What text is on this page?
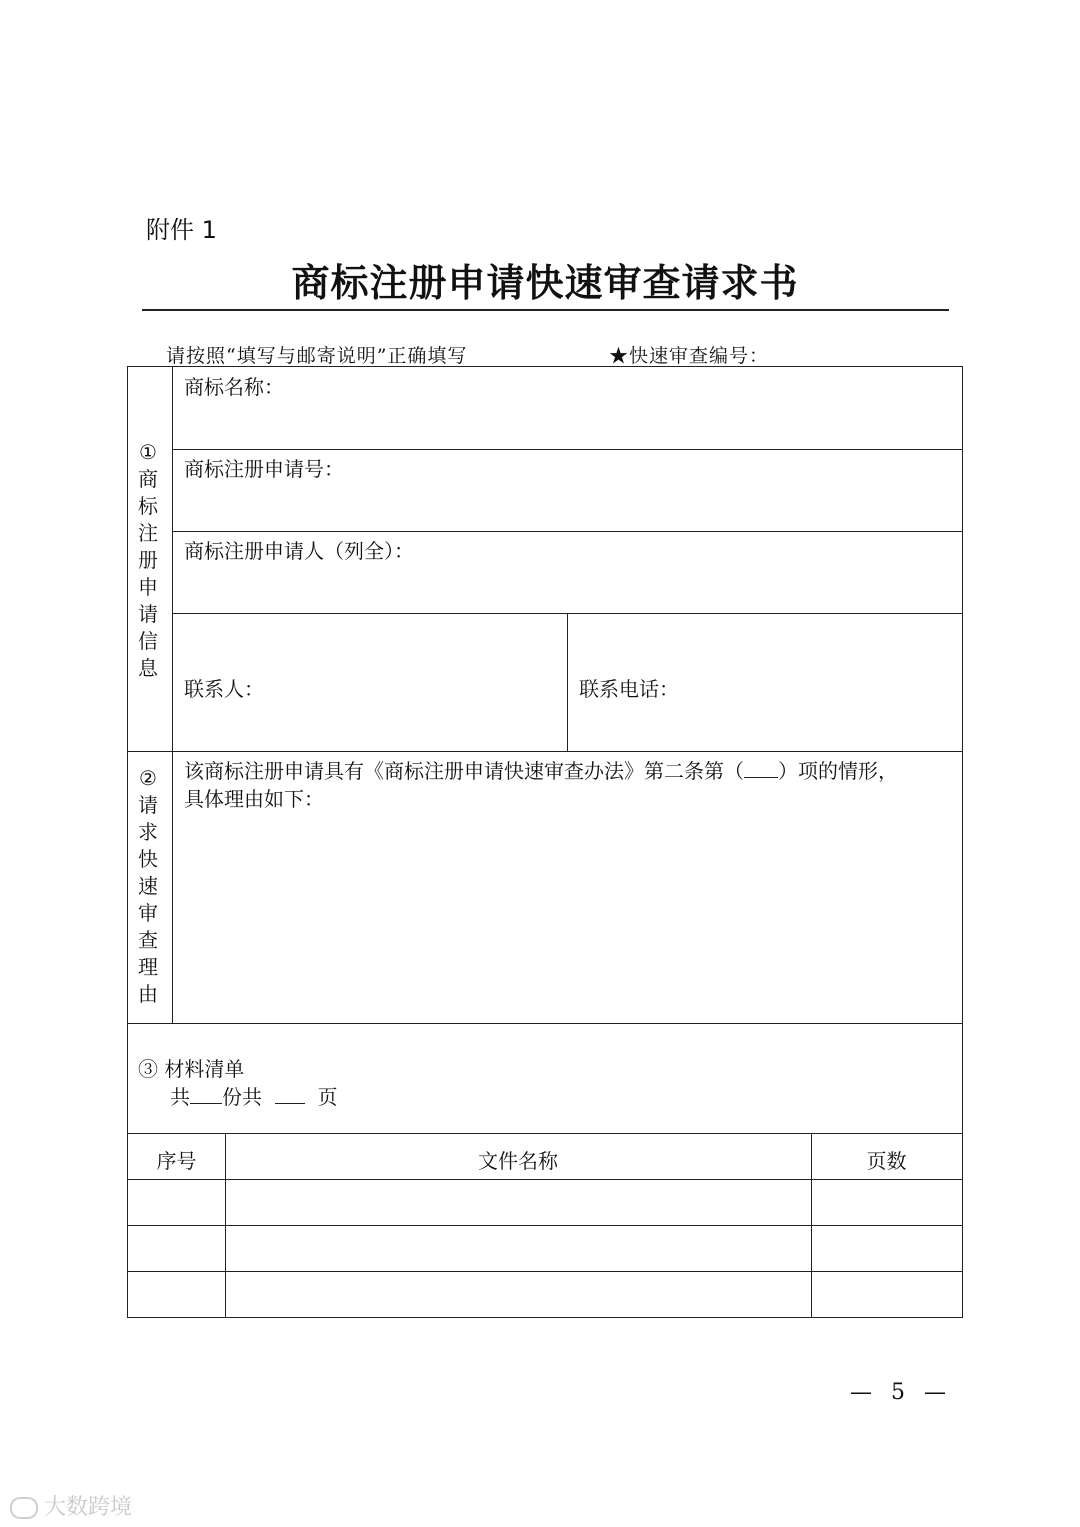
附件 1
商标注册申请快速审查请求书
请按照“填写与邮寄说明”正确填写	★快速审查编号：
①
商
标
注
册
申
请
信
息
商标名称：
商标注册申请号：
商标注册申请人（列全）：
联系人：	联系电话：
②
请
求
快
速
审
查
理
由
该商标注册申请具有《商标注册申请快速审查办法》第二条第（ ）项的情形，
具体理由如下：
③ 材料清单
共 份共	页
序号	文件名称	页数
— 5 —
大数跨境
